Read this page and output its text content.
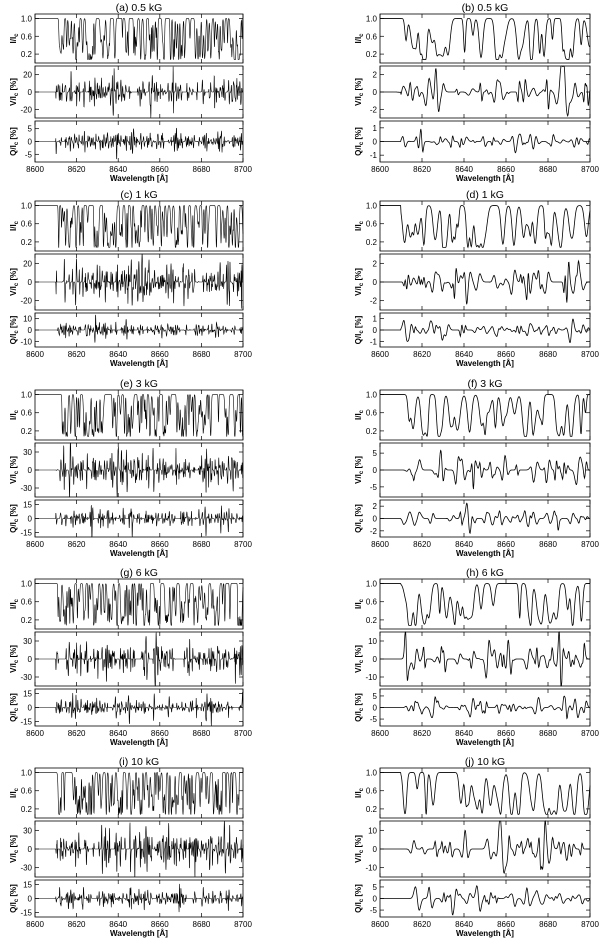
(a) 0.5 kG
1.0
0.6
0.2
$I/I_c$
20
0
-20
$V/I_c$ [%]
5
0
-5
$Q/I_c$ [%]
8600	8620	8640	8660	8680	8700
Wavelength [Å]
(b) 0.5 kG
1.0
0.6
0.2
$I/I_c$
2
0
-2
$V/I_c$ [%]
1
0
-1
$Q/I_c$ [%]
8600	8620	8640	8660	8680	8700
Wavelength [Å]
(c) 1 kG
1.0
0.6
0.2
$I/I_c$
20
0
-20
$V/I_c$ [%]
10
0
-10
$Q/I_c$ [%]
8600	8620	8640	8660	8680	8700
Wavelength [Å]
(d) 1 kG
1.0
0.6
0.2
$I/I_c$
2
0
-2
$V/I_c$ [%]
1
0
-1
$Q/I_c$ [%]
8600	8620	8640	8660	8680	8700
Wavelength [Å]
(e) 3 kG
1.0
0.6
0.2
$I/I_c$
30
0
-30
$V/I_c$ [%]
15
0
-15
$Q/I_c$ [%]
8600	8620	8640	8660	8680	8700
Wavelength [Å]
(f) 3 kG
1.0
0.6
0.2
$I/I_c$
5
0
-5
$V/I_c$ [%]
2
0
-2
$Q/I_c$ [%]
8600	8620	8640	8660	8680	8700
Wavelength [Å]
(g) 6 kG
1.0
0.6
0.2
$I/I_c$
30
0
-30
$V/I_c$ [%]
15
0
-15
$Q/I_c$ [%]
8600	8620	8640	8660	8680	8700
Wavelength [Å]
(h) 6 kG
1.0
0.6
0.2
$I/I_c$
10
0
-10
$V/I_c$ [%]
5
0
-5
$Q/I_c$ [%]
8600	8620	8640	8660	8680	8700
Wavelength [Å]
(i) 10 kG
1.0
0.6
0.2
$I/I_c$
30
0
-30
$V/I_c$ [%]
15
0
-15
$Q/I_c$ [%]
8600	8620	8640	8660	8680	8700
Wavelength [Å]
(j) 10 kG
1.0
0.6
0.2
$I/I_c$
10
0
-10
$V/I_c$ [%]
5
0
-5
$Q/I_c$ [%]
8600	8620	8640	8660	8680	8700
Wavelength [Å]
